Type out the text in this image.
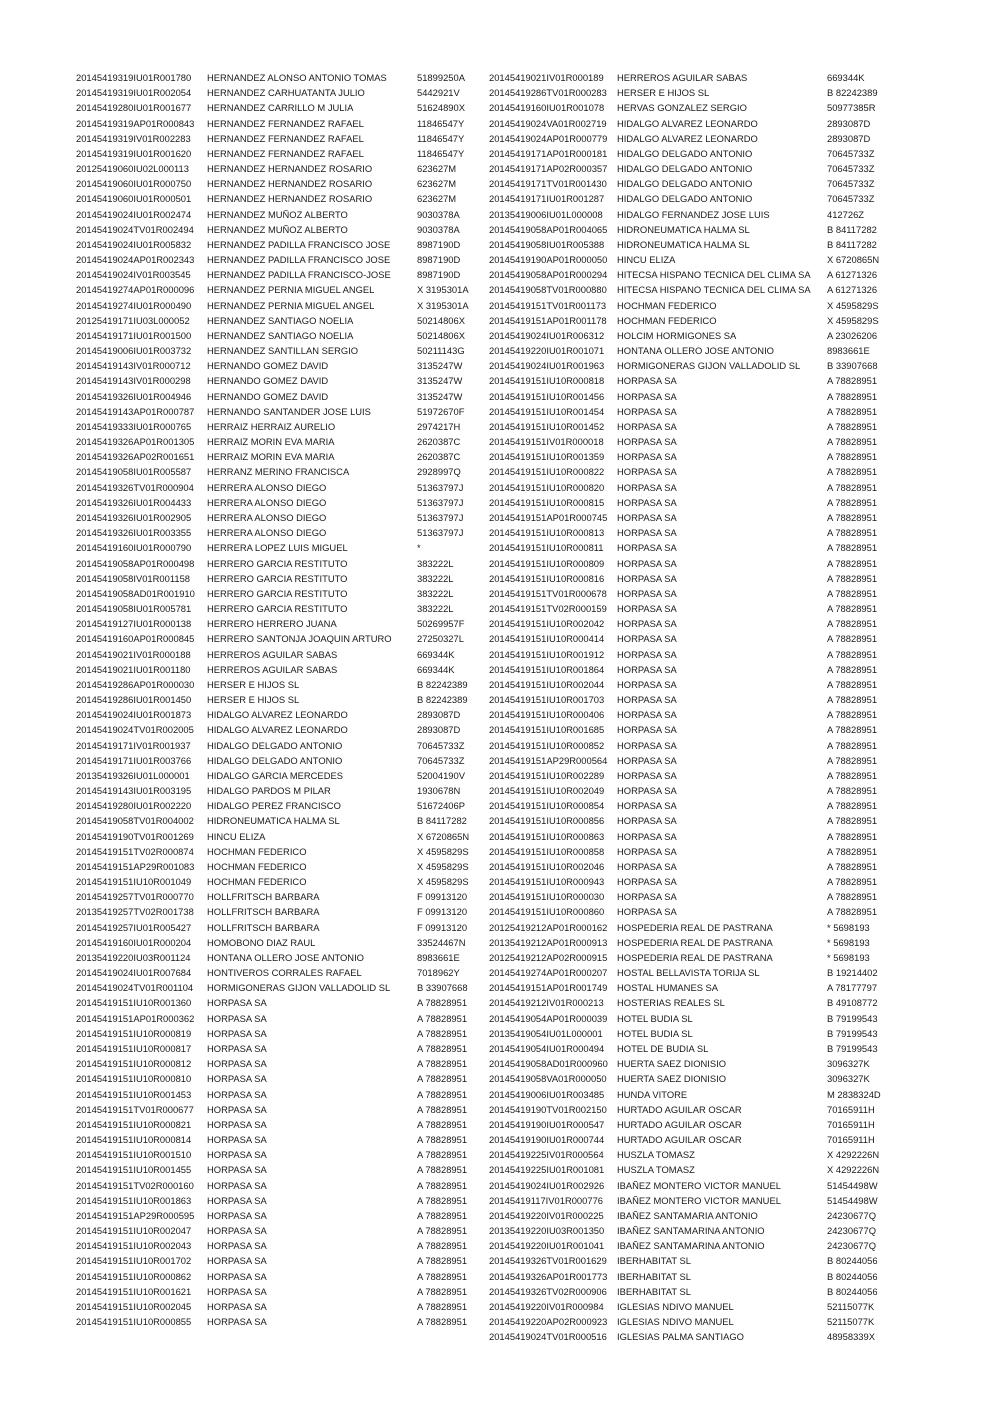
20145419319IU01R001780 HERNANDEZ ALONSO ANTONIO TOMAS	51899250A
20145419319IU01R002054 HERNANDEZ CARHUATANTA JULIO	5442921V
20145419280IU01R001677 HERNANDEZ CARRILLO M JULIA	51624890X
20145419319AP01R000843 HERNANDEZ FERNANDEZ RAFAEL	11846547Y
20145419319IV01R002283 HERNANDEZ FERNANDEZ RAFAEL	11846547Y
20145419319IU01R001620 HERNANDEZ FERNANDEZ RAFAEL	11846547Y
20125419060IU02L000113 HERNANDEZ HERNANDEZ ROSARIO	623627M
20145419060IU01R000750 HERNANDEZ HERNANDEZ ROSARIO	623627M
20145419060IU01R000501 HERNANDEZ HERNANDEZ ROSARIO	623627M
20145419024IU01R002474 HERNANDEZ MUÑOZ ALBERTO	9030378A
20145419024TV01R002494 HERNANDEZ MUÑOZ ALBERTO	9030378A
20145419024IU01R005832 HERNANDEZ PADILLA FRANCISCO JOSE	8987190D
20145419024AP01R002343 HERNANDEZ PADILLA FRANCISCO JOSE	8987190D
20145419024IV01R003545 HERNANDEZ PADILLA FRANCISCO-JOSE	8987190D
20145419274AP01R000096 HERNANDEZ PERNIA MIGUEL ANGEL	X 3195301A
20145419274IU01R000490 HERNANDEZ PERNIA MIGUEL ANGEL	X 3195301A
20125419171IU03L000052 HERNANDEZ SANTIAGO NOELIA	50214806X
20145419171IU01R001500 HERNANDEZ SANTIAGO NOELIA	50214806X
20145419006IU01R003732 HERNANDEZ SANTILLAN SERGIO	50211143G
20145419143IV01R000712 HERNANDO GOMEZ DAVID	3135247W
20145419143IV01R000298 HERNANDO GOMEZ DAVID	3135247W
20145419326IU01R004946 HERNANDO GOMEZ DAVID	3135247W
20145419143AP01R000787 HERNANDO SANTANDER JOSE LUIS	51972670F
20145419333IU01R000765 HERRAIZ HERRAIZ AURELIO	2974217H
20145419326AP01R001305 HERRAIZ MORIN EVA MARIA	2620387C
20145419326AP02R001651 HERRAIZ MORIN EVA MARIA	2620387C
20145419058IU01R005587 HERRANZ MERINO FRANCISCA	2928997Q
20145419326TV01R000904 HERRERA ALONSO DIEGO	51363797J
20145419326IU01R004433 HERRERA ALONSO DIEGO	51363797J
20145419326IU01R002905 HERRERA ALONSO DIEGO	51363797J
20145419326IU01R003355 HERRERA ALONSO DIEGO	51363797J
20145419160IU01R000790 HERRERA LOPEZ LUIS MIGUEL	*
20145419058AP01R000498 HERRERO GARCIA RESTITUTO	383222L
20145419058IV01R001158 HERRERO GARCIA RESTITUTO	383222L
20145419058AD01R001910 HERRERO GARCIA RESTITUTO	383222L
20145419058IU01R005781 HERRERO GARCIA RESTITUTO	383222L
20145419127IU01R000138 HERRERO HERRERO JUANA	50269957F
20145419160AP01R000845 HERRERO SANTONJA JOAQUIN ARTURO	27250327L
20145419021IV01R000188 HERREROS AGUILAR SABAS	669344K
20145419021IU01R001180 HERREROS AGUILAR SABAS	669344K
20145419286AP01R000030 HERSER E HIJOS SL	B 82242389
20145419286IU01R001450 HERSER E HIJOS SL	B 82242389
20145419024IU01R001873 HIDALGO ALVAREZ LEONARDO	2893087D
20145419024TV01R002005 HIDALGO ALVAREZ LEONARDO	2893087D
20145419171IV01R001937 HIDALGO DELGADO ANTONIO	70645733Z
20145419171IU01R003766 HIDALGO DELGADO ANTONIO	70645733Z
20135419326IU01L000001 HIDALGO GARCIA MERCEDES	52004190V
20145419143IU01R003195 HIDALGO PARDOS M PILAR	1930678N
20145419280IU01R002220 HIDALGO PEREZ FRANCISCO	51672406P
20145419058TV01R004002 HIDRONEUMATICA HALMA SL	B 84117282
20145419190TV01R001269 HINCU ELIZA	X 6720865N
20145419151TV02R000874 HOCHMAN FEDERICO	X 4595829S
20145419151AP29R001083 HOCHMAN FEDERICO	X 4595829S
20145419151IU10R001049 HOCHMAN FEDERICO	X 4595829S
20145419257TV01R000770 HOLLFRITSCH BARBARA	F 09913120
20135419257TV02R001738 HOLLFRITSCH BARBARA	F 09913120
20145419257IU01R005427 HOLLFRITSCH BARBARA	F 09913120
20145419160IU01R000204 HOMOBONO DIAZ RAUL	33524467N
20135419220IU03R001124 HONTANA OLLERO JOSE ANTONIO	8983661E
20145419024IU01R007684 HONTIVEROS CORRALES RAFAEL	7018962Y
20145419024TV01R001104 HORMIGONERAS GIJON VALLADOLID SL	B 33907668
20145419151IU10R001360 HORPASA SA	A 78828951
20145419151AP01R000362 HORPASA SA	A 78828951
20145419151IU10R000819 HORPASA SA	A 78828951
20145419151IU10R000817 HORPASA SA	A 78828951
20145419151IU10R000812 HORPASA SA	A 78828951
20145419151IU10R000810 HORPASA SA	A 78828951
20145419151IU10R001453 HORPASA SA	A 78828951
20145419151TV01R000677 HORPASA SA	A 78828951
20145419151IU10R000821 HORPASA SA	A 78828951
20145419151IU10R000814 HORPASA SA	A 78828951
20145419151IU10R001510 HORPASA SA	A 78828951
20145419151IU10R001455 HORPASA SA	A 78828951
20145419151TV02R000160 HORPASA SA	A 78828951
20145419151IU10R001863 HORPASA SA	A 78828951
20145419151AP29R000595 HORPASA SA	A 78828951
20145419151IU10R002047 HORPASA SA	A 78828951
20145419151IU10R002043 HORPASA SA	A 78828951
20145419151IU10R001702 HORPASA SA	A 78828951
20145419151IU10R000862 HORPASA SA	A 78828951
20145419151IU10R001621 HORPASA SA	A 78828951
20145419151IU10R002045 HORPASA SA	A 78828951
20145419151IU10R000855 HORPASA SA	A 78828951
20145419021IV01R000189 HERREROS AGUILAR SABAS	669344K
20145419286TV01R000283 HERSER E HIJOS SL	B 82242389
20145419160IU01R001078 HERVAS GONZALEZ SERGIO	50977385R
20145419024VA01R002719 HIDALGO ALVAREZ LEONARDO	2893087D
20145419024AP01R000779 HIDALGO ALVAREZ LEONARDO	2893087D
20145419171AP01R000181 HIDALGO DELGADO ANTONIO	70645733Z
20145419171AP02R000357 HIDALGO DELGADO ANTONIO	70645733Z
20145419171TV01R001430 HIDALGO DELGADO ANTONIO	70645733Z
20145419171IU01R001287 HIDALGO DELGADO ANTONIO	70645733Z
20135419006IU01L000008 HIDALGO FERNANDEZ JOSE LUIS	412726Z
20145419058AP01R004065 HIDRONEUMATICA HALMA SL	B 84117282
20145419058IU01R005388 HIDRONEUMATICA HALMA SL	B 84117282
20145419190AP01R000050 HINCU ELIZA	X 6720865N
20145419058AP01R000294 HITECSA HISPANO TECNICA DEL CLIMA SA	A 61271326
20145419058TV01R000880 HITECSA HISPANO TECNICA DEL CLIMA SA	A 61271326
20145419151TV01R001173 HOCHMAN FEDERICO	X 4595829S
20145419151AP01R001178 HOCHMAN FEDERICO	X 4595829S
20145419024IU01R006312 HOLCIM HORMIGONES SA	A 23026206
20145419220IU01R001071 HONTANA OLLERO JOSE ANTONIO	8983661E
20145419024IU01R001963 HORMIGONERAS GIJON VALLADOLID SL	B 33907668
20145419151IU10R000818 HORPASA SA	A 78828951
20145419151IU10R001456 HORPASA SA	A 78828951
20145419151IU10R001454 HORPASA SA	A 78828951
20145419151IU10R001452 HORPASA SA	A 78828951
20145419151IV01R000018 HORPASA SA	A 78828951
20145419151IU10R001359 HORPASA SA	A 78828951
20145419151IU10R000822 HORPASA SA	A 78828951
20145419151IU10R000820 HORPASA SA	A 78828951
20145419151IU10R000815 HORPASA SA	A 78828951
20145419151AP01R000745 HORPASA SA	A 78828951
20145419151IU10R000813 HORPASA SA	A 78828951
20145419151IU10R000811 HORPASA SA	A 78828951
20145419151IU10R000809 HORPASA SA	A 78828951
20145419151IU10R000816 HORPASA SA	A 78828951
20145419151TV01R000678 HORPASA SA	A 78828951
20145419151TV02R000159 HORPASA SA	A 78828951
20145419151IU10R002042 HORPASA SA	A 78828951
20145419151IU10R000414 HORPASA SA	A 78828951
20145419151IU10R001912 HORPASA SA	A 78828951
20145419151IU10R001864 HORPASA SA	A 78828951
20145419151IU10R002044 HORPASA SA	A 78828951
20145419151IU10R001703 HORPASA SA	A 78828951
20145419151IU10R000406 HORPASA SA	A 78828951
20145419151IU10R001685 HORPASA SA	A 78828951
20145419151IU10R000852 HORPASA SA	A 78828951
20145419151AP29R000564 HORPASA SA	A 78828951
20145419151IU10R002289 HORPASA SA	A 78828951
20145419151IU10R002049 HORPASA SA	A 78828951
20145419151IU10R000854 HORPASA SA	A 78828951
20145419151IU10R000856 HORPASA SA	A 78828951
20145419151IU10R000863 HORPASA SA	A 78828951
20145419151IU10R000858 HORPASA SA	A 78828951
20145419151IU10R002046 HORPASA SA	A 78828951
20145419151IU10R000943 HORPASA SA	A 78828951
20145419151IU10R000030 HORPASA SA	A 78828951
20145419151IU10R000860 HORPASA SA	A 78828951
20125419212AP01R000162 HOSPEDERIA REAL DE PASTRANA	* 5698193
20135419212AP01R000913 HOSPEDERIA REAL DE PASTRANA	* 5698193
20125419212AP02R000915 HOSPEDERIA REAL DE PASTRANA	* 5698193
20145419274AP01R000207 HOSTAL BELLAVISTA TORIJA SL	B 19214402
20145419151AP01R001749 HOSTAL HUMANES SA	A 78177797
20145419212IV01R000213 HOSTERIAS REALES SL	B 49108772
20145419054AP01R000039 HOTEL BUDIA SL	B 79199543
20135419054IU01L000001 HOTEL BUDIA SL	B 79199543
20145419054IU01R000494 HOTEL DE BUDIA SL	B 79199543
20145419058AD01R000960 HUERTA SAEZ DIONISIO	3096327K
20145419058VA01R000050 HUERTA SAEZ DIONISIO	3096327K
20145419006IU01R003485 HUNDA VITORE	M 2838324D
20145419190TV01R002150 HURTADO AGUILAR OSCAR	70165911H
20145419190IU01R000547 HURTADO AGUILAR OSCAR	70165911H
20145419190IU01R000744 HURTADO AGUILAR OSCAR	70165911H
20145419225IV01R000564 HUSZLA TOMASZ	X 4292226N
20145419225IU01R001081 HUSZLA TOMASZ	X 4292226N
20145419024IU01R002926 IBAÑEZ MONTERO VICTOR MANUEL	51454498W
20145419117IV01R000776 IBAÑEZ MONTERO VICTOR MANUEL	51454498W
20145419220IV01R000225 IBAÑEZ SANTAMARIA ANTONIO	24230677Q
20135419220IU03R001350 IBAÑEZ SANTAMARINA ANTONIO	24230677Q
20145419220IU01R001041 IBAÑEZ SANTAMARINA ANTONIO	24230677Q
20145419326TV01R001629 IBERHABITAT SL	B 80244056
20145419326AP01R001773 IBERHABITAT SL	B 80244056
20145419326TV02R000906 IBERHABITAT SL	B 80244056
20145419220IV01R000984 IGLESIAS NDIVO MANUEL	52115077K
20145419220AP02R000923 IGLESIAS NDIVO MANUEL	52115077K
20145419024TV01R000516 IGLESIAS PALMA SANTIAGO	48958339X
